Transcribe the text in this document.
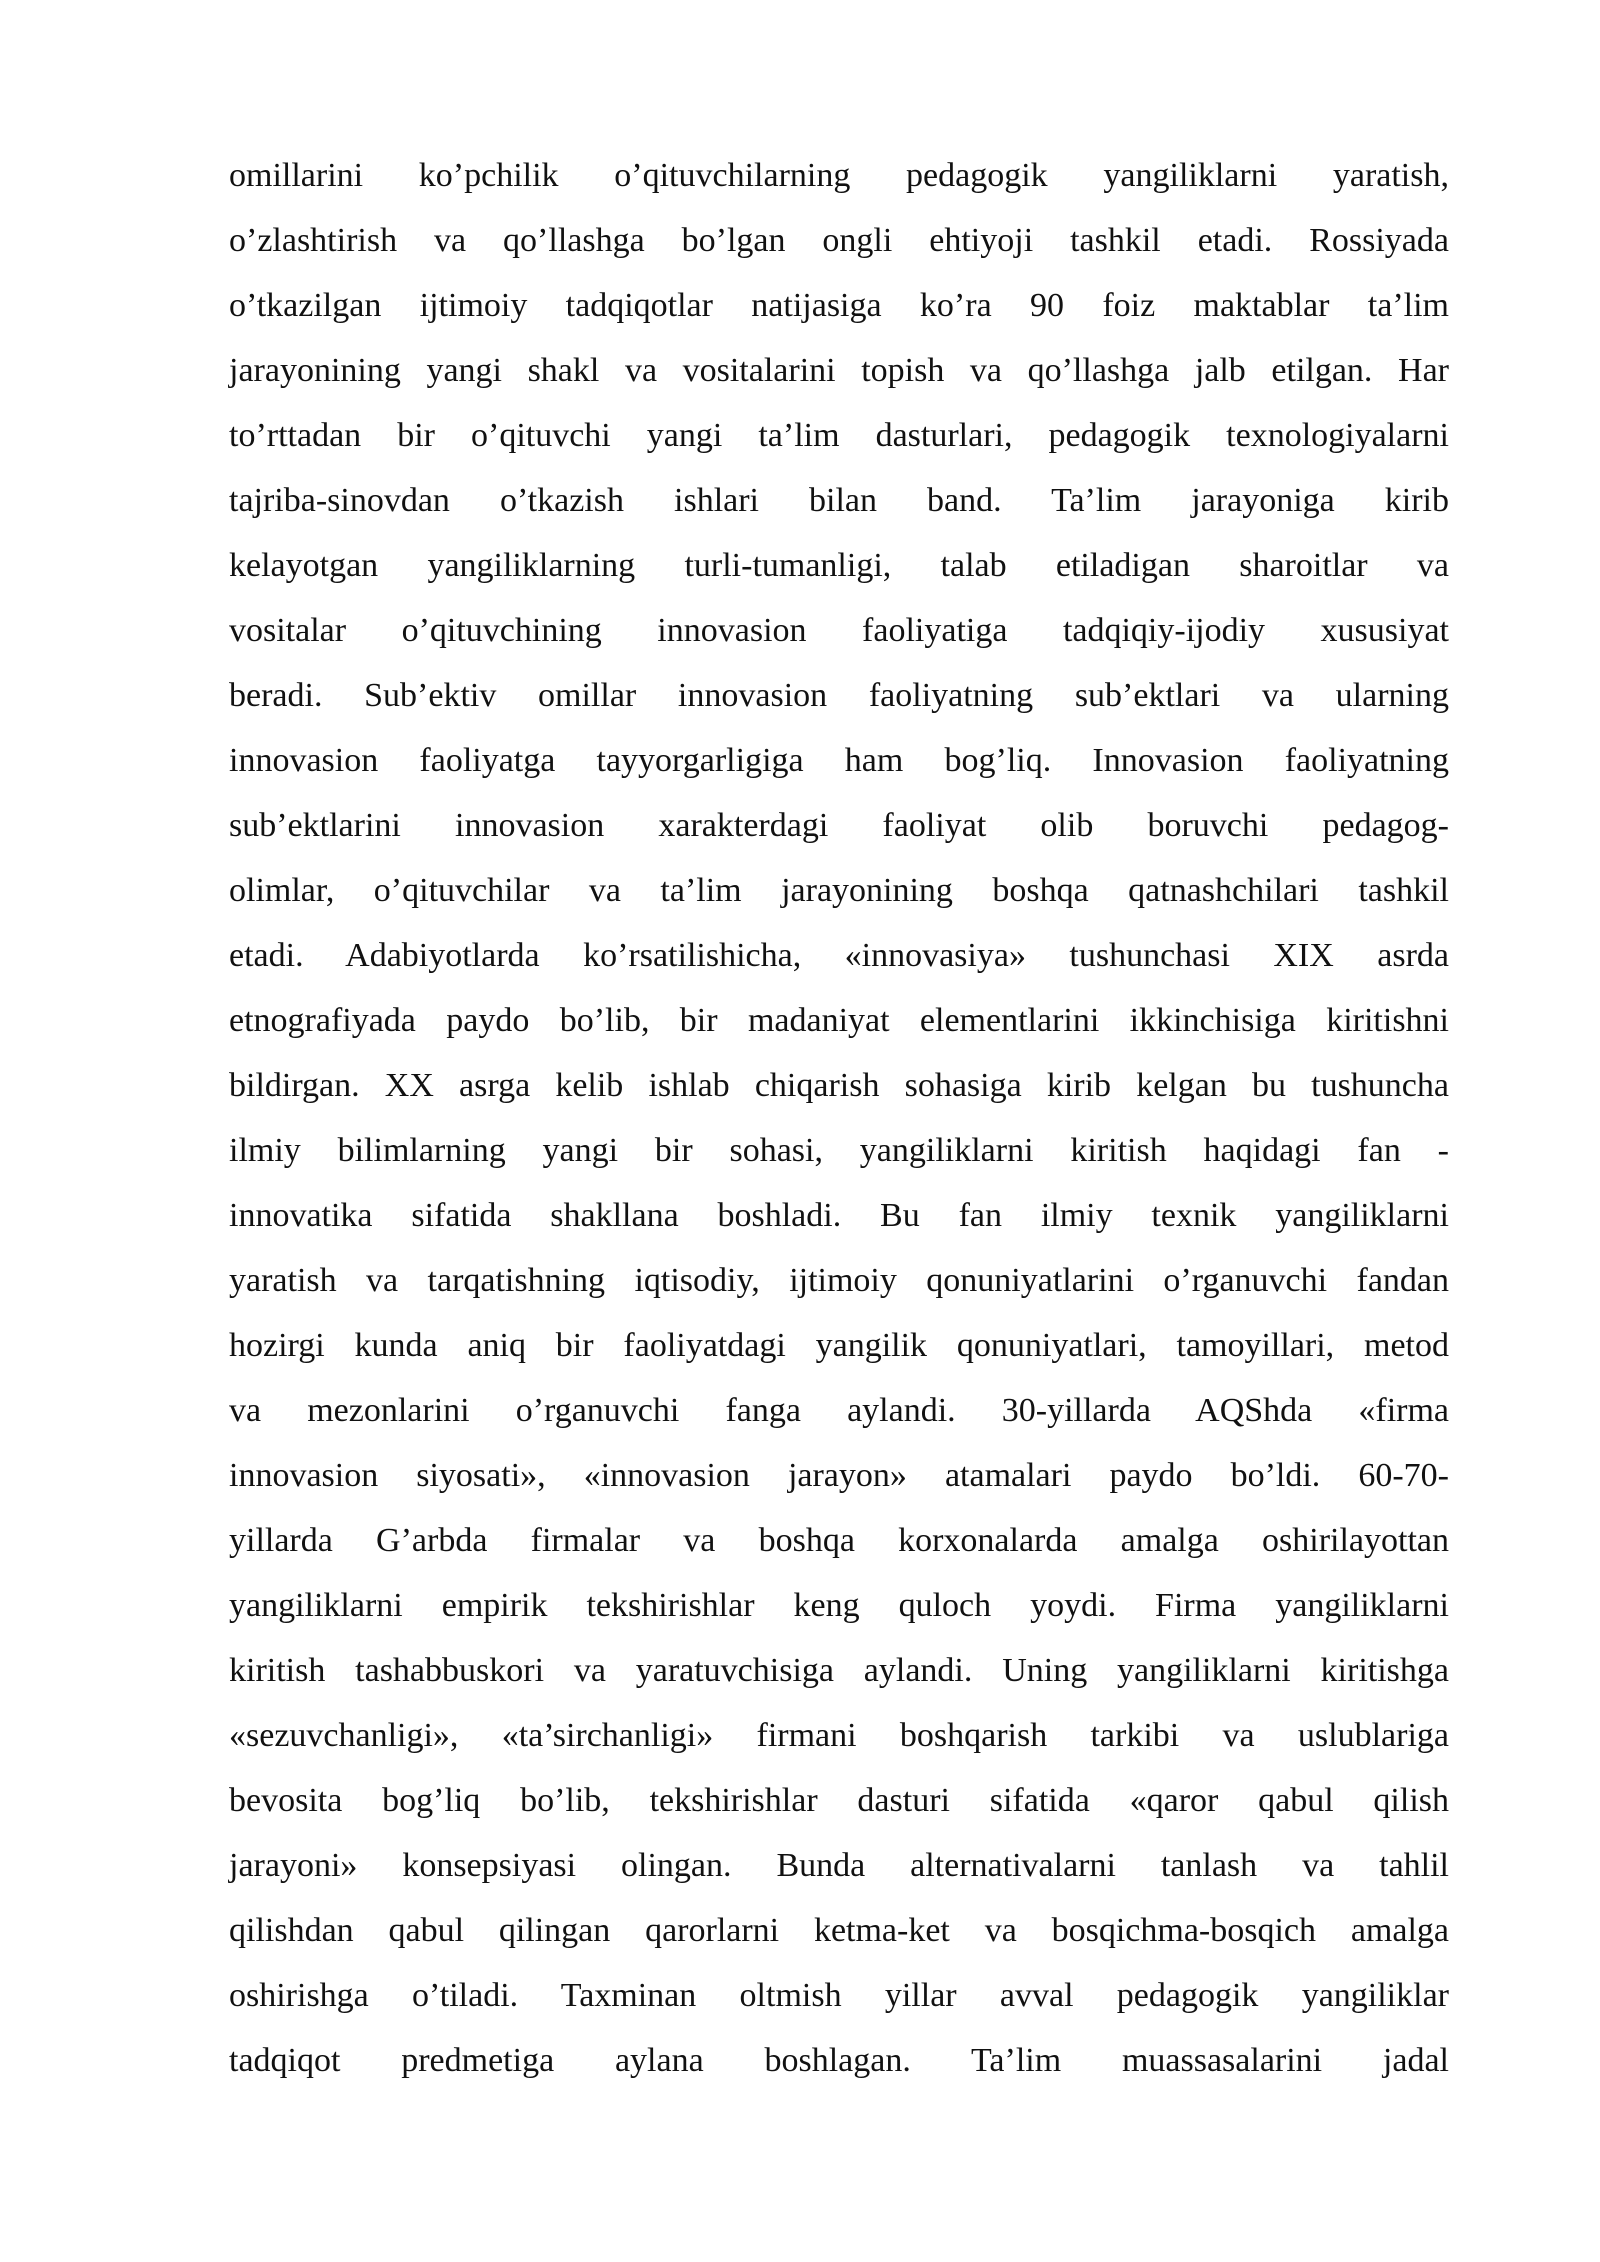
omillarini ko’pchilik o’qituvchilarning pedagogik yangiliklarni yaratish,
o’zlashtirish va qo’llashga bo’lgan ongli ehtiyoji tashkil etadi. Rossiyada
o’tkazilgan ijtimoiy tadqiqotlar natijasiga ko’ra 90 foiz maktablar ta’lim
jarayonining yangi shakl va vositalarini topish va qo’llashga jalb etilgan. Har
to’rttadan bir o’qituvchi yangi ta’lim dasturlari, pedagogik texnologiyalarni
tajriba-sinovdan o’tkazish ishlari bilan band. Ta’lim jarayoniga kirib
kelayotgan yangiliklarning turli-tumanligi, talab etiladigan sharoitlar va
vositalar o’qituvchining innovasion faoliyatiga tadqiqiy-ijodiy xususiyat
beradi. Sub’ektiv omillar innovasion faoliyatning sub’ektlari va ularning
innovasion faoliyatga tayyorgarligiga ham bog’liq. Innovasion faoliyatning
sub’ektlarini innovasion xarakterdagi faoliyat olib boruvchi pedagog-
olimlar, o’qituvchilar va ta’lim jarayonining boshqa qatnashchilari tashkil
etadi. Adabiyotlarda ko’rsatilishicha, «innovasiya» tushunchasi XIX asrda
etnografiyada paydo bo’lib, bir madaniyat elementlarini ikkinchisiga kiritishni
bildirgan. XX asrga kelib ishlab chiqarish sohasiga kirib kelgan bu tushuncha
ilmiy bilimlarning yangi bir sohasi, yangiliklarni kiritish haqidagi fan -
innovatika sifatida shakllana boshladi. Bu fan ilmiy texnik yangiliklarni
yaratish va tarqatishning iqtisodiy, ijtimoiy qonuniyatlarini o’rganuvchi fandan
hozirgi kunda aniq bir faoliyatdagi yangilik qonuniyatlari, tamoyillari, metod
va mezonlarini o’rganuvchi fanga aylandi. 30-yillarda AQShda «firma
innovasion siyosati», «innovasion jarayon» atamalari paydo bo’ldi. 60-70-
yillarda G’arbda firmalar va boshqa korxonalarda amalga oshirilayottan
yangiliklarni empirik tekshirishlar keng quloch yoydi. Firma yangiliklarni
kiritish tashabbuskori va yaratuvchisiga aylandi. Uning yangiliklarni kiritishga
«sezuvchanligi», «ta’sirchanligi» firmani boshqarish tarkibi va uslublariga
bevosita bog’liq bo’lib, tekshirishlar dasturi sifatida «qaror qabul qilish
jarayoni» konsepsiyasi olingan. Bunda alternativalarni tanlash va tahlil
qilishdan qabul qilingan qarorlarni ketma-ket va bosqichma-bosqich amalga
oshirishga o’tiladi. Taxminan oltmish yillar avval pedagogik yangiliklar
tadqiqot predmetiga aylana boshlagan. Ta’lim muassasalarini jadal
